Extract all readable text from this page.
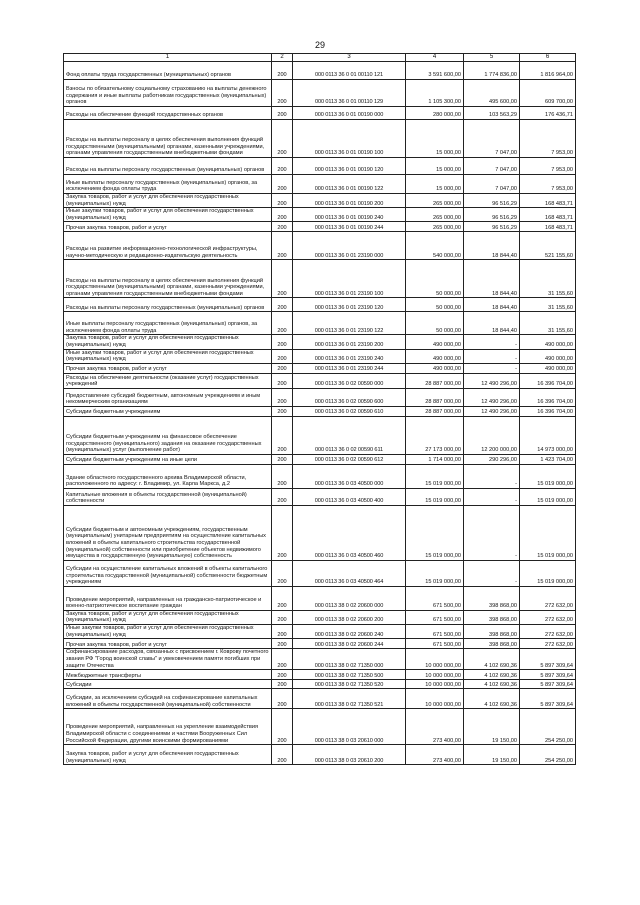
29
1	2	3	4	5	6
Фонд оплаты труда государственных (муниципальных) органов	200	000 0113 36 0 01 00110 121	3 591 600,00	1 774 836,00	1 816 964,00
Взносы по обязательному социальному страхованию на выплаты денежного содержания и иные выплаты работникам государственных (муниципальных) органов	200	000 0113 36 0 01 00110 129	1 105 300,00	495 600,00	609 700,00
Расходы на обеспечение функций государственных органов	200	000 0113 36 0 01 00190 000	280 000,00	103 563,29	176 436,71
Расходы на выплаты персоналу в целях обеспечения выполнения функций государственными (муниципальными) органами, казенными учреждениями, органами управления государственными внебюджетными фондами	200	000 0113 36 0 01 00190 100	15 000,00	7 047,00	7 953,00
Расходы на выплаты персоналу государственных (муниципальных) органов	200	000 0113 36 0 01 00190 120	15 000,00	7 047,00	7 953,00
Иные выплаты персоналу государственных (муниципальных) органов, за исключением фонда оплаты труда	200	000 0113 36 0 01 00190 122	15 000,00	7 047,00	7 953,00
Закупка товаров, работ и услуг для обеспечения государственных (муниципальных) нужд	200	000 0113 36 0 01 00190 200	265 000,00	96 516,29	168 483,71
Иные закупки товаров, работ и услуг для обеспечения государственных (муниципальных) нужд	200	000 0113 36 0 01 00190 240	265 000,00	96 516,29	168 483,71
Прочая закупка товаров, работ и услуг	200	000 0113 36 0 01 00190 244	265 000,00	96 516,29	168 483,71
Расходы на развитие информационно-технологической инфраструктуры, научно-методическую и редакционно-издательскую деятельность	200	000 0113 36 0 01 23190 000	540 000,00	18 844,40	521 155,60
Расходы на выплаты персоналу в целях обеспечения выполнения функций государственными (муниципальными) органами, казенными учреждениями, органами управления государственными внебюджетными фондами	200	000 0113 36 0 01 23190 100	50 000,00	18 844,40	31 155,60
Расходы на выплаты персоналу государственных (муниципальных) органов	200	000 0113 36 0 01 23190 120	50 000,00	18 844,40	31 155,60
Иные выплаты персоналу государственных (муниципальных) органов, за исключением фонда оплаты труда	200	000 0113 36 0 01 23190 122	50 000,00	18 844,40	31 155,60
Закупка товаров, работ и услуг для обеспечения государственных (муниципальных) нужд	200	000 0113 36 0 01 23190 200	490 000,00	-	490 000,00
Иные закупки товаров, работ и услуг для обеспечения государственных (муниципальных) нужд	200	000 0113 36 0 01 23190 240	490 000,00	-	490 000,00
Прочая закупка товаров, работ и услуг	200	000 0113 36 0 01 23190 244	490 000,00	-	490 000,00
Расходы на обеспечение деятельности (оказание услуг) государственных учреждений	200	000 0113 36 0 02 00590 000	28 887 000,00	12 490 296,00	16 396 704,00
Предоставление субсидий бюджетным, автономным учреждениям и иным некоммерческим организациям	200	000 0113 36 0 02 00590 600	28 887 000,00	12 490 296,00	16 396 704,00
Субсидии бюджетным учреждениям	200	000 0113 36 0 02 00590 610	28 887 000,00	12 490 296,00	16 396 704,00
Субсидии бюджетным учреждениям на финансовое обеспечение государственного (муниципального) задания на оказание государственных (муниципальных) услуг (выполнение работ)	200	000 0113 36 0 02 00590 611	27 173 000,00	12 200 000,00	14 973 000,00
Субсидии бюджетным учреждениям на иные цели	200	000 0113 36 0 02 00590 612	1 714 000,00	290 296,00	1 423 704,00
Здание областного государственного архива Владимирской области, расположенного по адресу: г. Владимир, ул. Карла Маркса, д.2	200	000 0113 36 0 03 40500 000	15 019 000,00	-	15 019 000,00
Капитальные вложения в объекты государственной (муниципальной) собственности	200	000 0113 36 0 03 40500 400	15 019 000,00	-	15 019 000,00
Субсидии бюджетным и автономным учреждениям, государственным (муниципальным) унитарным предприятиям на осуществление капитальных вложений в объекты капитального строительства государственной (муниципальной) собственности или приобретение объектов недвижимого имущества в государственную (муниципальную) собственность	200	000 0113 36 0 03 40500 460	15 019 000,00	-	15 019 000,00
Субсидии на осуществление капитальных вложений в объекты капитального строительства государственной (муниципальной) собственности бюджетным учреждениям	200	000 0113 36 0 03 40500 464	15 019 000,00	-	15 019 000,00
Проведение мероприятий, направленных на гражданско-патриотическое и военно-патриотическое воспитание граждан	200	000 0113 38 0 02 20600 000	671 500,00	398 868,00	272 632,00
Закупка товаров, работ и услуг для обеспечения государственных (муниципальных) нужд	200	000 0113 38 0 02 20600 200	671 500,00	398 868,00	272 632,00
Иные закупки товаров, работ и услуг для обеспечения государственных (муниципальных) нужд	200	000 0113 38 0 02 20600 240	671 500,00	398 868,00	272 632,00
Прочая закупка товаров, работ и услуг	200	000 0113 38 0 02 20600 244	671 500,00	398 868,00	272 632,00
Софинансирование расходов, связанных с присвоением г. Коврову почетного звания РФ "Город воинской славы" и увековечением памяти погибших при защите Отечества	200	000 0113 38 0 02 71350 000	10 000 000,00	4 102 690,36	5 897 309,64
Межбюджетные трансферты	200	000 0113 38 0 02 71350 500	10 000 000,00	4 102 690,36	5 897 309,64
Субсидии	200	000 0113 38 0 02 71350 520	10 000 000,00	4 102 690,36	5 897 309,64
Субсидии, за исключением субсидий на софинансирование капитальных вложений в объекты государственной (муниципальной) собственности	200	000 0113 38 0 02 71350 521	10 000 000,00	4 102 690,36	5 897 309,64
Проведение мероприятий, направленных на укрепление взаимодействия Владимирской области с соединениями и частями Вооруженных Сил Российской Федерации, другими воинскими формированиями	200	000 0113 38 0 03 20610 000	273 400,00	19 150,00	254 250,00
Закупка товаров, работ и услуг для обеспечения государственных (муниципальных) нужд	200	000 0113 38 0 03 20610 200	273 400,00	19 150,00	254 250,00
